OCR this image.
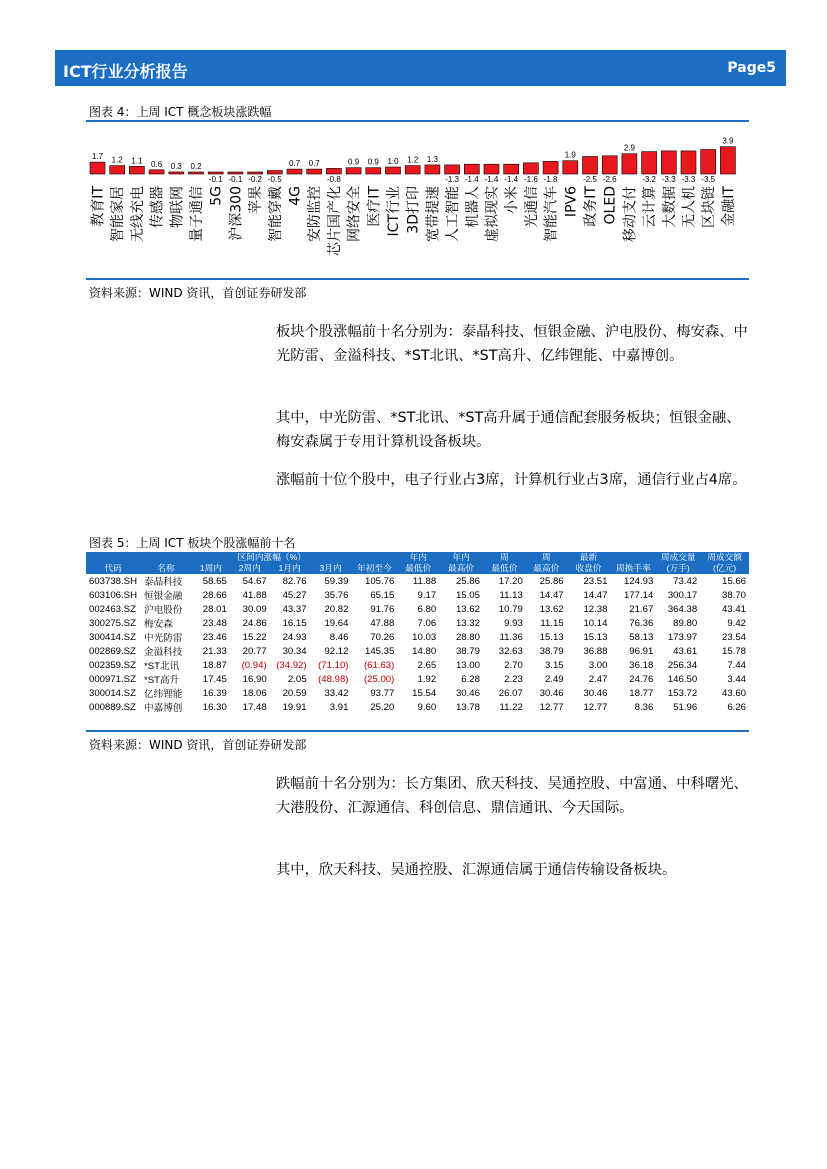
ICT行业分析报告	Page5
图表 4：上周 ICT 概念板块涨跌幅
1.7
教育IT
1.2
智能家居
1.1
无线充电
0.6
传感器
0.3
物联网
0.2
量子通信
-0.1
5G
-0.1
沪深300
-0.2
苹果
-0.5
智能穿戴
0.7
4G
0.7
安防监控
-0.8
芯片国产化
0.9
网络安全
0.9
医疗IT
1.0
ICT行业
1.2
3D打印
1.3
宽带提速
-1.3
人工智能
-1.4
机器人
-1.4
虚拟现实
-1.4
小米
-1.6
光通信
-1.8
智能汽车
1.9
IPV6
-2.5
政务IT
-2.6
OLED
2.9
移动支付
-3.2
云计算
-3.3
大数据
-3.3
无人机
-3.5
区块链
3.9
金融IT
资料来源：WIND 资讯，首创证券研发部
板块个股涨幅前十名分别为：泰晶科技、恒银金融、沪电股份、梅安森、中光防雷、金溢科技、*ST北讯、*ST高升、亿纬锂能、中嘉博创。
其中，中光防雷、*ST北讯、*ST高升属于通信配套服务板块；恒银金融、梅安森属于专用计算机设备板块。
涨幅前十位个股中，电子行业占3席，计算机行业占3席，通信行业占4席。
图表 5：上周 ICT 板块个股涨幅前十名
		区间内涨幅（%）					年内	年内	周	周	最新		周成交量	周成交额
代码	名称	1周内	2周内	1月内	3月内	年初至今	最低价	最高价	最低价	最高价	收盘价	周换手率	(万手)	(亿元)
603738.SH	泰晶科技	58.65	54.67	82.76	59.39	105.76	11.88	25.86	17.20	25.86	23.51	124.93	73.42	15.66
603106.SH	恒银金融	28.66	41.88	45.27	35.76	65.15	9.17	15.05	11.13	14.47	14.47	177.14	300.17	38.70
002463.SZ	沪电股份	28.01	30.09	43.37	20.82	91.76	6.80	13.62	10.79	13.62	12.38	21.67	364.38	43.41
300275.SZ	梅安森	23.48	24.86	16.15	19.64	47.88	7.06	13.32	9.93	11.15	10.14	76.36	89.80	9.42
300414.SZ	中光防雷	23.46	15.22	24.93	8.46	70.26	10.03	28.80	11.36	15.13	15.13	58.13	173.97	23.54
002869.SZ	金溢科技	21.33	20.77	30.34	92.12	145.35	14.80	38.79	32.63	38.79	36.88	96.91	43.61	15.78
002359.SZ	*ST北讯	18.87	(0.94)	(34.92)	(71.10)	(61.63)	2.65	13.00	2.70	3.15	3.00	36.18	256.34	7.44
000971.SZ	*ST高升	17.45	16.90	2.05	(48.98)	(25.00)	1.92	6.28	2.23	2.49	2.47	24.76	146.50	3.44
300014.SZ	亿纬锂能	16.39	18.06	20.59	33.42	93.77	15.54	30.46	26.07	30.46	30.46	18.77	153.72	43.60
000889.SZ	中嘉博创	16.30	17.48	19.91	3.91	25.20	9.60	13.78	11.22	12.77	12.77	8.36	51.96	6.26
资料来源：WIND 资讯，首创证券研发部
跌幅前十名分别为：长方集团、欣天科技、吴通控股、中富通、中科曙光、大港股份、汇源通信、科创信息、鼎信通讯、今天国际。
其中，欣天科技、吴通控股、汇源通信属于通信传输设备板块。
